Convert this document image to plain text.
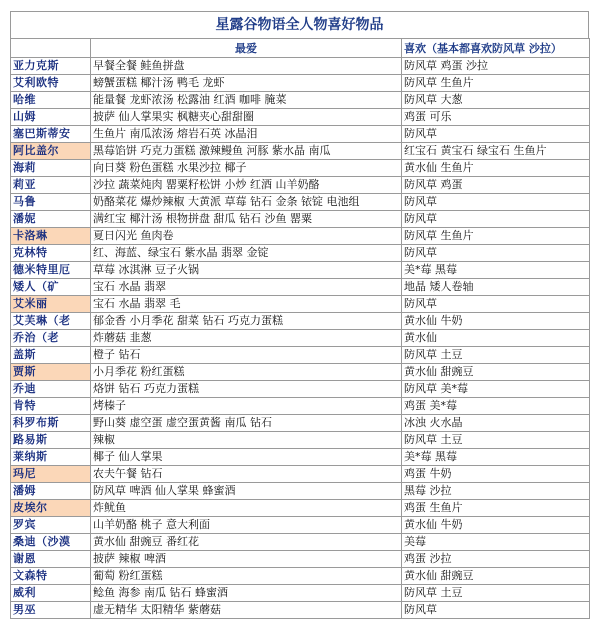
星露谷物语全人物喜好物品
	最爱	喜欢（基本都喜欢防风草 沙拉）
亚力克斯	早餐全餐 鲑鱼拼盘	防风草 鸡蛋 沙拉
艾利欧特	螃蟹蛋糕 椰汁汤 鸭毛 龙虾	防风草 生鱼片
哈维	能量餐 龙虾浓汤 松露油 红酒 咖啡 腌菜	防风草 大葱
山姆	披萨 仙人掌果实 枫糖夹心甜甜圈	鸡蛋 可乐
塞巴斯蒂安	生鱼片 南瓜浓汤 熔岩石英 冰晶泪	防风草
阿比盖尔	黑莓馅饼 巧克力蛋糕 激辣鳗鱼 河豚 紫水晶 南瓜	红宝石 黄宝石 绿宝石 生鱼片
海莉	向日葵 粉色蛋糕 水果沙拉 椰子	黄水仙 生鱼片
莉亚	沙拉 蔬菜炖肉 罂粟籽松饼 小炒 红酒 山羊奶酪	防风草 鸡蛋
马鲁	奶酪菜花 爆炒辣椒 大黄派 草莓 钻石 金条 铱锭 电池组	防风草
潘妮	满红宝 椰汁汤 根物拼盘 甜瓜 钻石 沙鱼 罂粟	防风草
卡洛琳	夏日闪光 鱼肉卷	防风草 生鱼片
克林特	红、海蓝、绿宝石 紫水晶 翡翠 金锭	防风草
德米特里厄	草莓 冰淇淋 豆子火锅	美*莓 黑莓
矮人（矿	宝石 水晶 翡翠	地晶 矮人卷轴
艾米丽	宝石 水晶 翡翠 毛	防风草
艾芙琳（老	郁金香 小月季花 甜菜 钻石 巧克力蛋糕	黄水仙 牛奶
乔治（老	炸蘑菇 韭葱	黄水仙
盖斯	橙子 钻石	防风草 土豆
贾斯	小月季花 粉红蛋糕	黄水仙 甜豌豆
乔迪	烙饼 钻石 巧克力蛋糕	防风草 美*莓
肯特	烤榛子	鸡蛋 美*莓
科罗布斯	野山葵 虚空蛋 虚空蛋黄酱 南瓜 钻石	冰浊 火水晶
路易斯	辣椒	防风草 土豆
莱纳斯	椰子 仙人掌果	美*莓 黑莓
玛尼	农夫午餐 钻石	鸡蛋 牛奶
潘姆	防风草 啤酒 仙人掌果 蜂蜜酒	黑莓 沙拉
皮埃尔	炸鱿鱼	鸡蛋 生鱼片
罗宾	山羊奶酪 桃子 意大利面	黄水仙 牛奶
桑迪（沙漠	黄水仙 甜豌豆 番红花	美莓
谢恩	披萨 辣椒 啤酒	鸡蛋 沙拉
文森特	葡萄 粉红蛋糕	黄水仙 甜豌豆
威利	鲶鱼 海参 南瓜 钻石 蜂蜜酒	防风草 土豆
男巫	虚无精华 太阳精华 紫蘑菇	防风草
